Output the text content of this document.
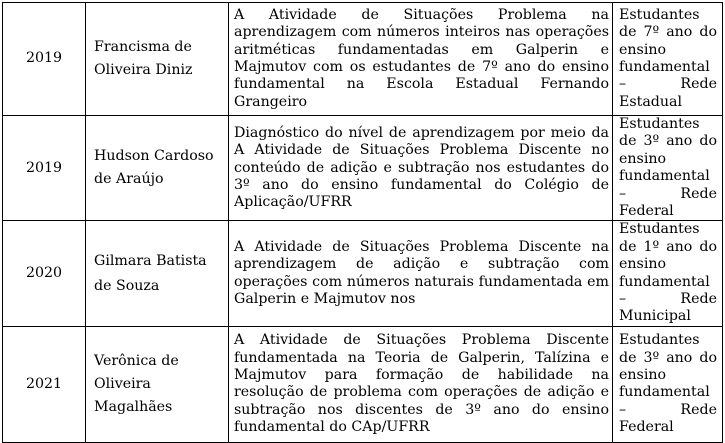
2019	Francisma de Oliveira Diniz	A Atividade de Situações Problema na aprendizagem com números inteiros nas operações aritméticas fundamentadas em Galperin e Majmutov com os estudantes de 7º ano do ensino fundamental na Escola Estadual Fernando Grangeiro	Estudantes de 7º ano do ensino fundamental – Rede Estadual
2019	Hudson Cardoso de Araújo	Diagnóstico do nível de aprendizagem por meio da A Atividade de Situações Problema Discente no conteúdo de adição e subtração nos estudantes do 3º ano do ensino fundamental do Colégio de Aplicação/UFRR	Estudantes de 3º ano do ensino fundamental – Rede Federal
2020	Gilmara Batista de Souza	A Atividade de Situações Problema Discente na aprendizagem de adição e subtração com operações com números naturais fundamentada em Galperin e Majmutov nos	Estudantes de 1º ano do ensino fundamental – Rede Municipal
2021	Verônica de Oliveira Magalhães	A Atividade de Situações Problema Discente fundamentada na Teoria de Galperin, Talízina e Majmutov para formação de habilidade na resolução de problema com operações de adição e subtração nos discentes de 3º ano do ensino fundamental do CAp/UFRR	Estudantes de 3º ano do ensino fundamental – Rede Federal
